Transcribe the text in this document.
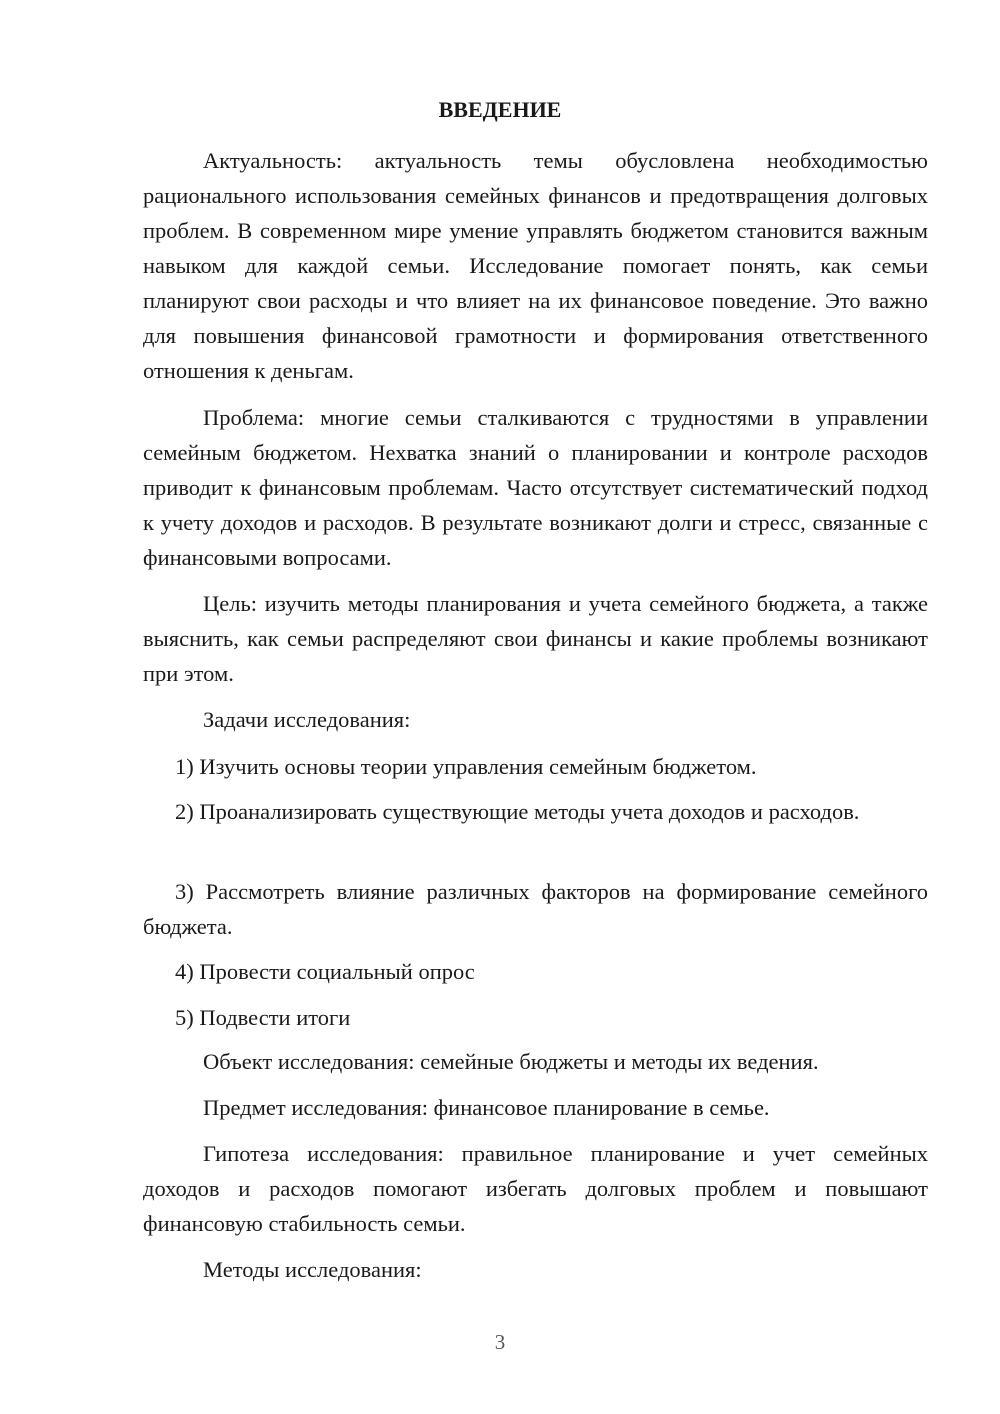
ВВЕДЕНИЕ

Актуальность: актуальность темы обусловлена необходимостью рационального использования семейных финансов и предотвращения долговых проблем. В современном мире умение управлять бюджетом становится важным навыком для каждой семьи. Исследование помогает понять, как семьи планируют свои расходы и что влияет на их финансовое поведение. Это важно для повышения финансовой грамотности и формирования ответственного отношения к деньгам.

Проблема: многие семьи сталкиваются с трудностями в управлении семейным бюджетом. Нехватка знаний о планировании и контроле расходов приводит к финансовым проблемам. Часто отсутствует систематический подход к учету доходов и расходов. В результате возникают долги и стресс, связанные с финансовыми вопросами.

Цель: изучить методы планирования и учета семейного бюджета, а также выяснить, как семьи распределяют свои финансы и какие проблемы возникают при этом.

Задачи исследования:

1) Изучить основы теории управления семейным бюджетом.

2) Проанализировать существующие методы учета доходов и расходов.

3) Рассмотреть влияние различных факторов на формирование семейного бюджета.

4) Провести социальный опрос

5) Подвести итоги

Объект исследования: семейные бюджеты и методы их ведения.

Предмет исследования: финансовое планирование в семье.

Гипотеза исследования: правильное планирование и учет семейных доходов и расходов помогают избегать долговых проблем и повышают финансовую стабильность семьи.

Методы исследования:

3
